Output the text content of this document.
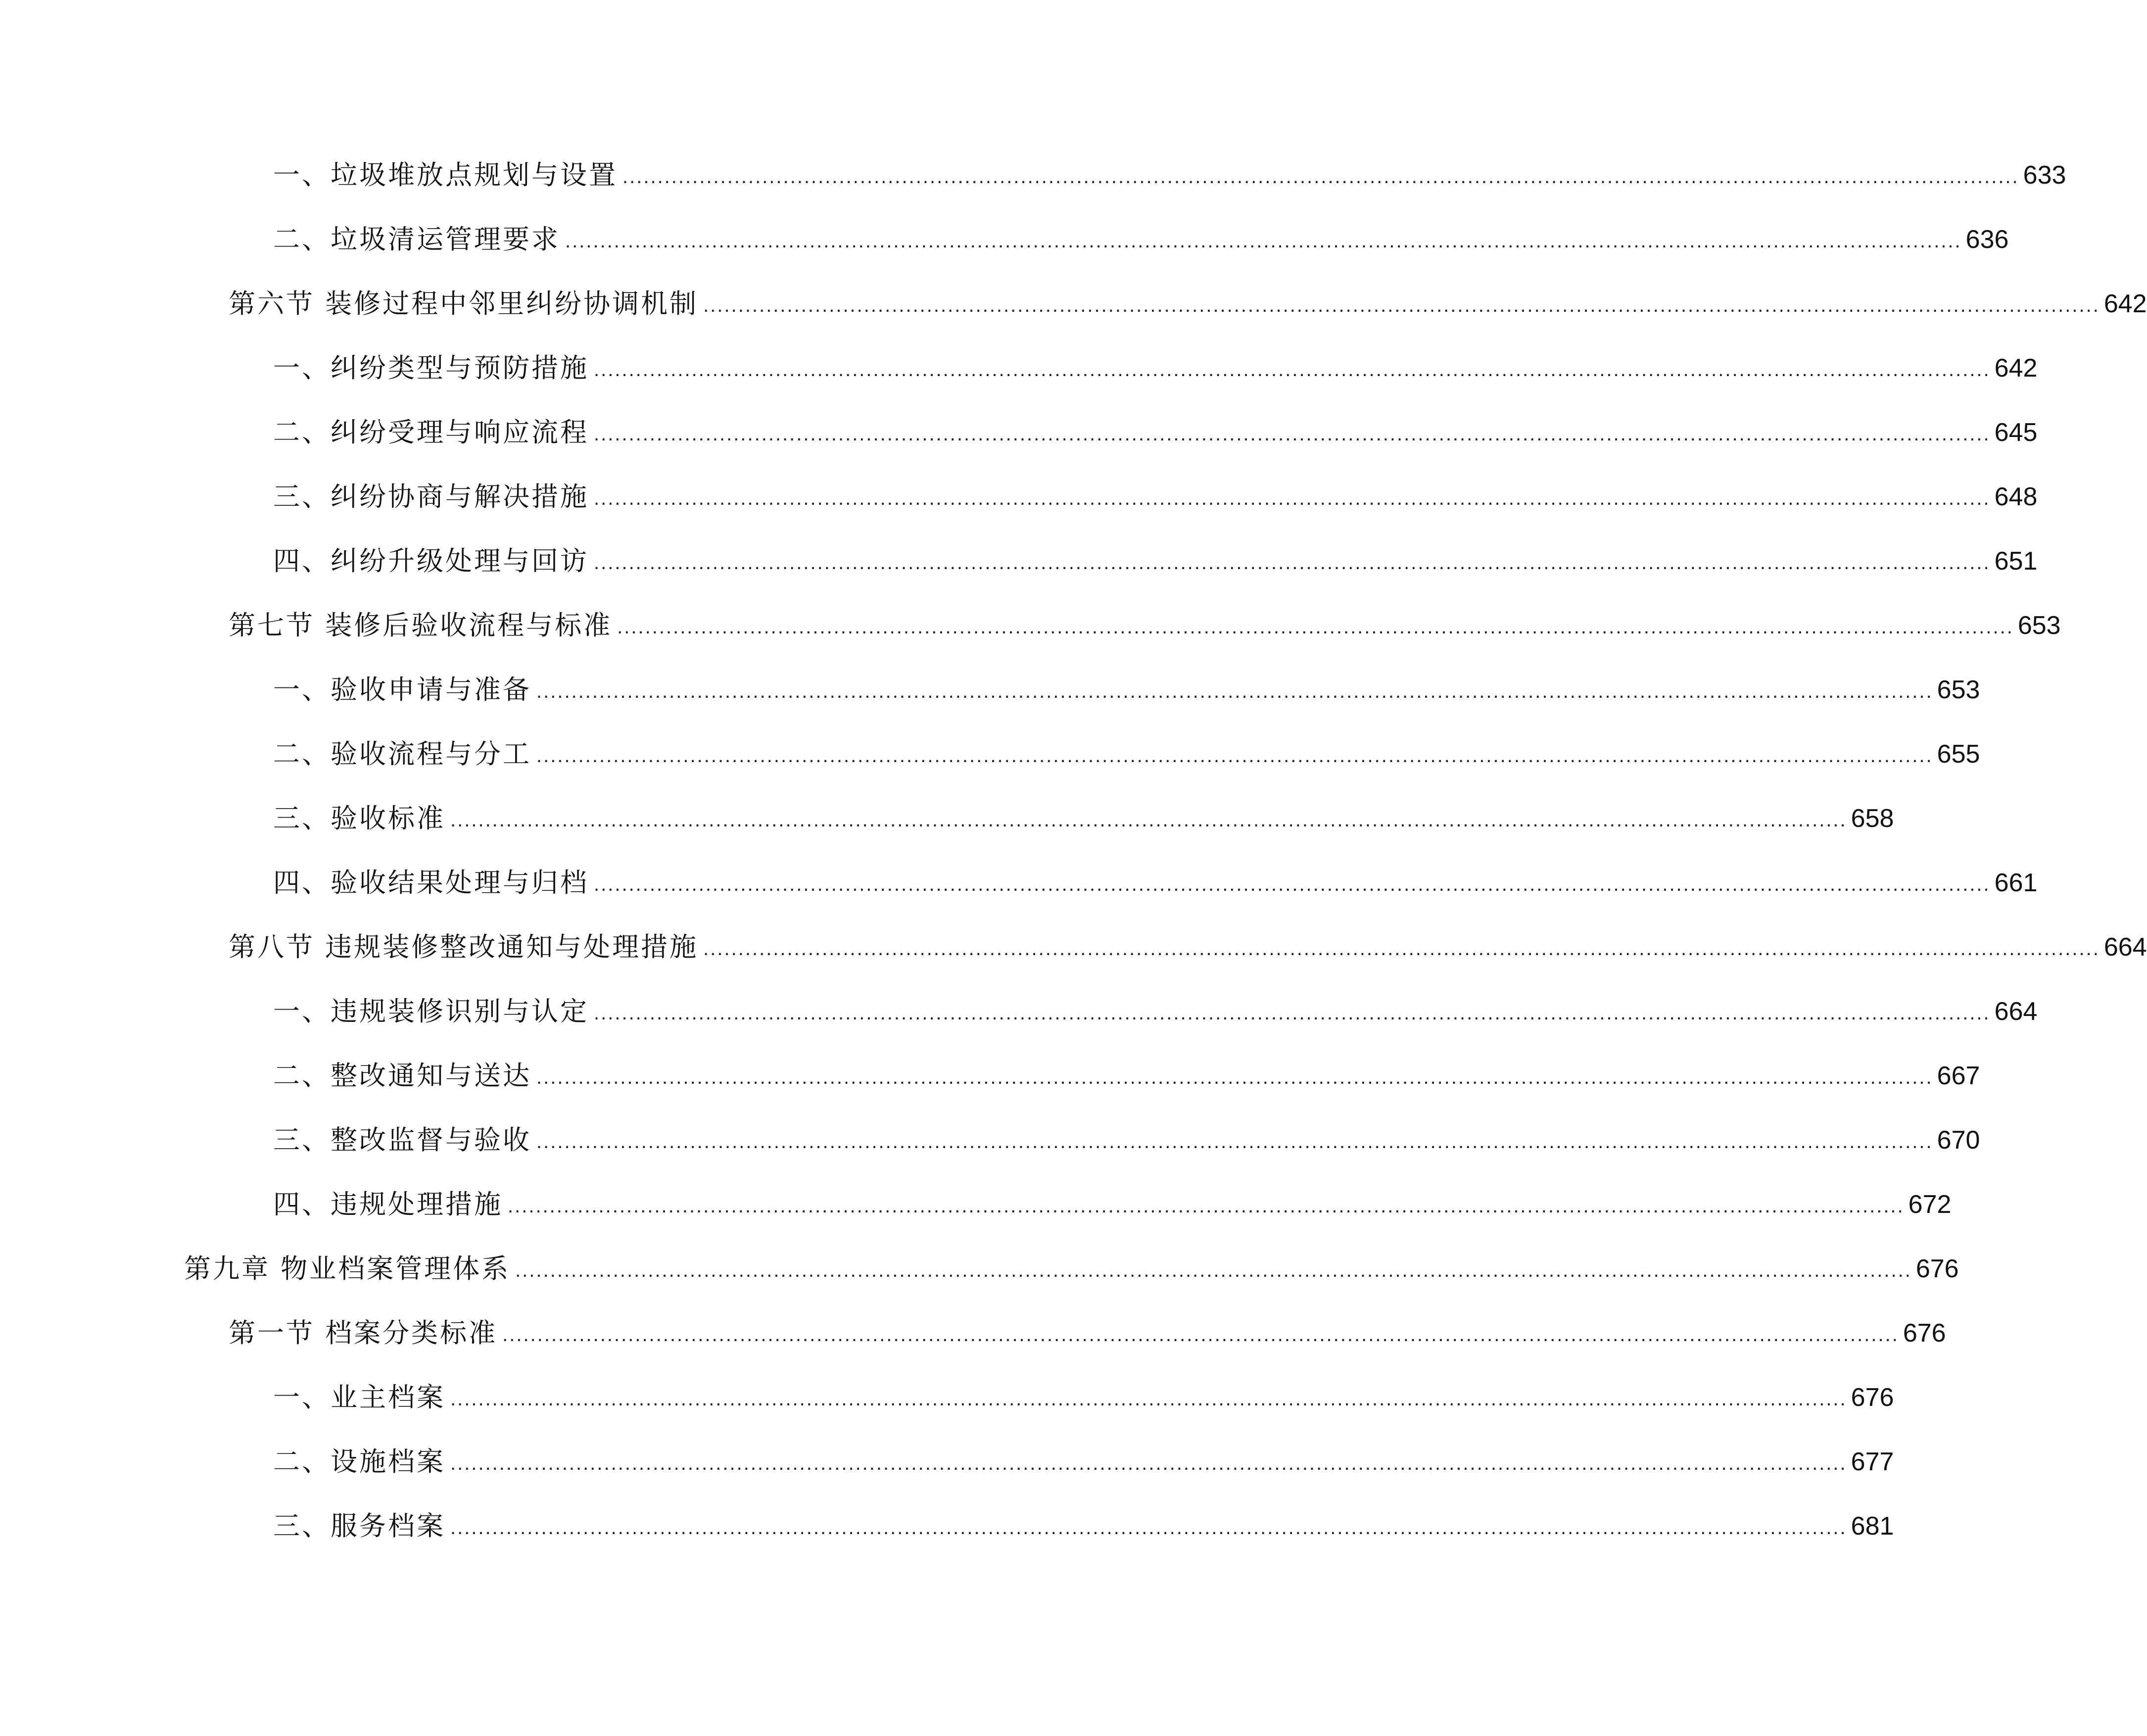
一、垃圾堆放点规划与设置 ........................................................................................................................................................................................................ 633
二、垃圾清运管理要求 ........................................................................................................................................................................................................ 636
第六节 装修过程中邻里纠纷协调机制 ........................................................................................................................................................................................................ 642
一、纠纷类型与预防措施 ........................................................................................................................................................................................................ 642
二、纠纷受理与响应流程 ........................................................................................................................................................................................................ 645
三、纠纷协商与解决措施 ........................................................................................................................................................................................................ 648
四、纠纷升级处理与回访 ........................................................................................................................................................................................................ 651
第七节 装修后验收流程与标准 ........................................................................................................................................................................................................ 653
一、验收申请与准备 ........................................................................................................................................................................................................ 653
二、验收流程与分工 ........................................................................................................................................................................................................ 655
三、验收标准 ........................................................................................................................................................................................................ 658
四、验收结果处理与归档 ........................................................................................................................................................................................................ 661
第八节 违规装修整改通知与处理措施 ........................................................................................................................................................................................................ 664
一、违规装修识别与认定 ........................................................................................................................................................................................................ 664
二、整改通知与送达 ........................................................................................................................................................................................................ 667
三、整改监督与验收 ........................................................................................................................................................................................................ 670
四、违规处理措施 ........................................................................................................................................................................................................ 672
第九章 物业档案管理体系 ........................................................................................................................................................................................................ 676
第一节 档案分类标准 ........................................................................................................................................................................................................ 676
一、业主档案 ........................................................................................................................................................................................................ 676
二、设施档案 ........................................................................................................................................................................................................ 677
三、服务档案 ........................................................................................................................................................................................................ 681
